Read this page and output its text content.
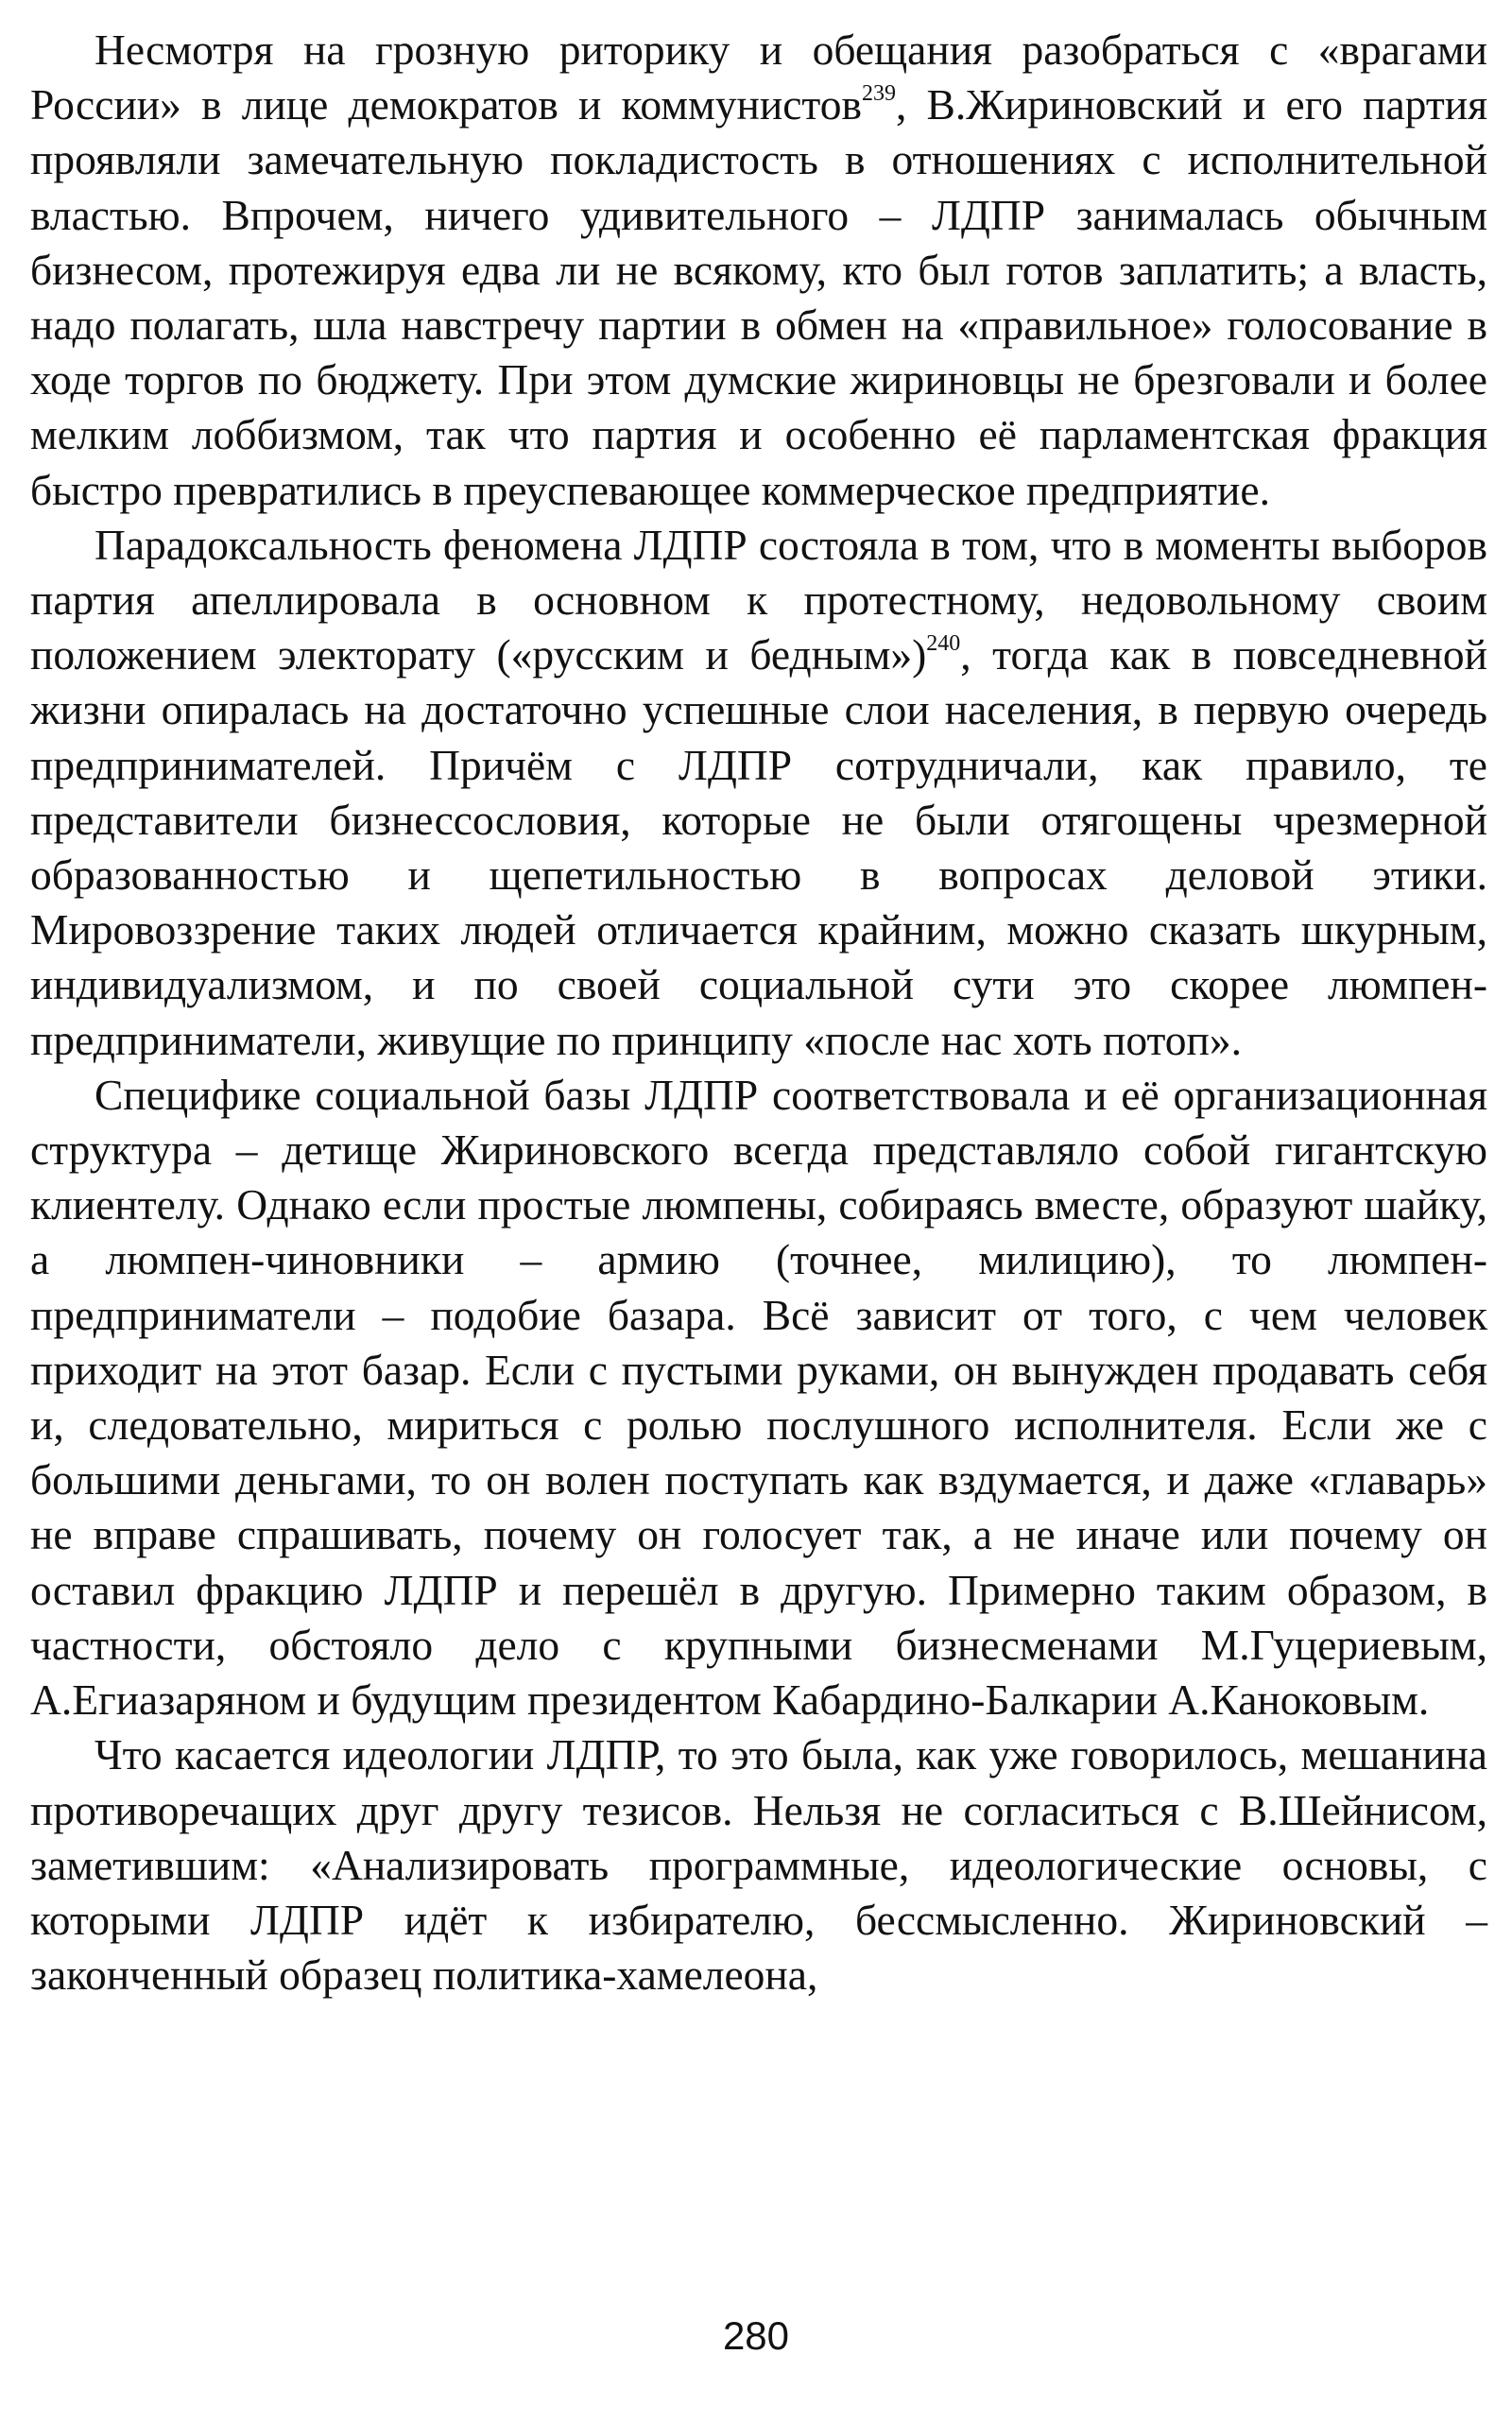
Несмотря на грозную риторику и обещания разобраться с «врагами России» в лице демократов и коммунистов$^{239}$, В.Жириновский и его партия проявляли замечательную покладистость в отношениях с исполнительной властью. Впрочем, ничего удивительного – ЛДПР занималась обычным бизнесом, протежируя едва ли не всякому, кто был готов заплатить; а власть, надо полагать, шла навстречу партии в обмен на «правильное» голосование в ходе торгов по бюджету. При этом думские жириновцы не брезговали и более мелким лоббизмом, так что партия и особенно её парламентская фракция быстро превратились в преуспевающее коммерческое предприятие.

Парадоксальность феномена ЛДПР состояла в том, что в моменты выборов партия апеллировала в основном к протестному, недовольному своим положением электорату («русским и бедным»)$^{240}$, тогда как в повседневной жизни опиралась на достаточно успешные слои населения, в первую очередь предпринимателей. Причём с ЛДПР сотрудничали, как правило, те представители бизнессословия, которые не были отягощены чрезмерной образованностью и щепетильностью в вопросах деловой этики. Мировоззрение таких людей отличается крайним, можно сказать шкурным, индивидуализмом, и по своей социальной сути это скорее люмпен-предприниматели, живущие по принципу «после нас хоть потоп».

Специфике социальной базы ЛДПР соответствовала и её организационная структура – детище Жириновского всегда представляло собой гигантскую клиентелу. Однако если простые люмпены, собираясь вместе, образуют шайку, а люмпен-чиновники – армию (точнее, милицию), то люмпен-предприниматели – подобие базара. Всё зависит от того, с чем человек приходит на этот базар. Если с пустыми руками, он вынужден продавать себя и, следовательно, мириться с ролью послушного исполнителя. Если же с большими деньгами, то он волен поступать как вздумается, и даже «главарь» не вправе спрашивать, почему он голосует так, а не иначе или почему он оставил фракцию ЛДПР и перешёл в другую. Примерно таким образом, в частности, обстояло дело с крупными бизнесменами М.Гуцериевым, А.Егиазаряном и будущим президентом Кабардино-Балкарии А.Каноковым.

Что касается идеологии ЛДПР, то это была, как уже говорилось, мешанина противоречащих друг другу тезисов. Нельзя не согласиться с В.Шейнисом, заметившим: «Анализировать программные, идеологические основы, с которыми ЛДПР идёт к избирателю, бессмысленно. Жириновский – законченный образец политика-хамелеона,

280
